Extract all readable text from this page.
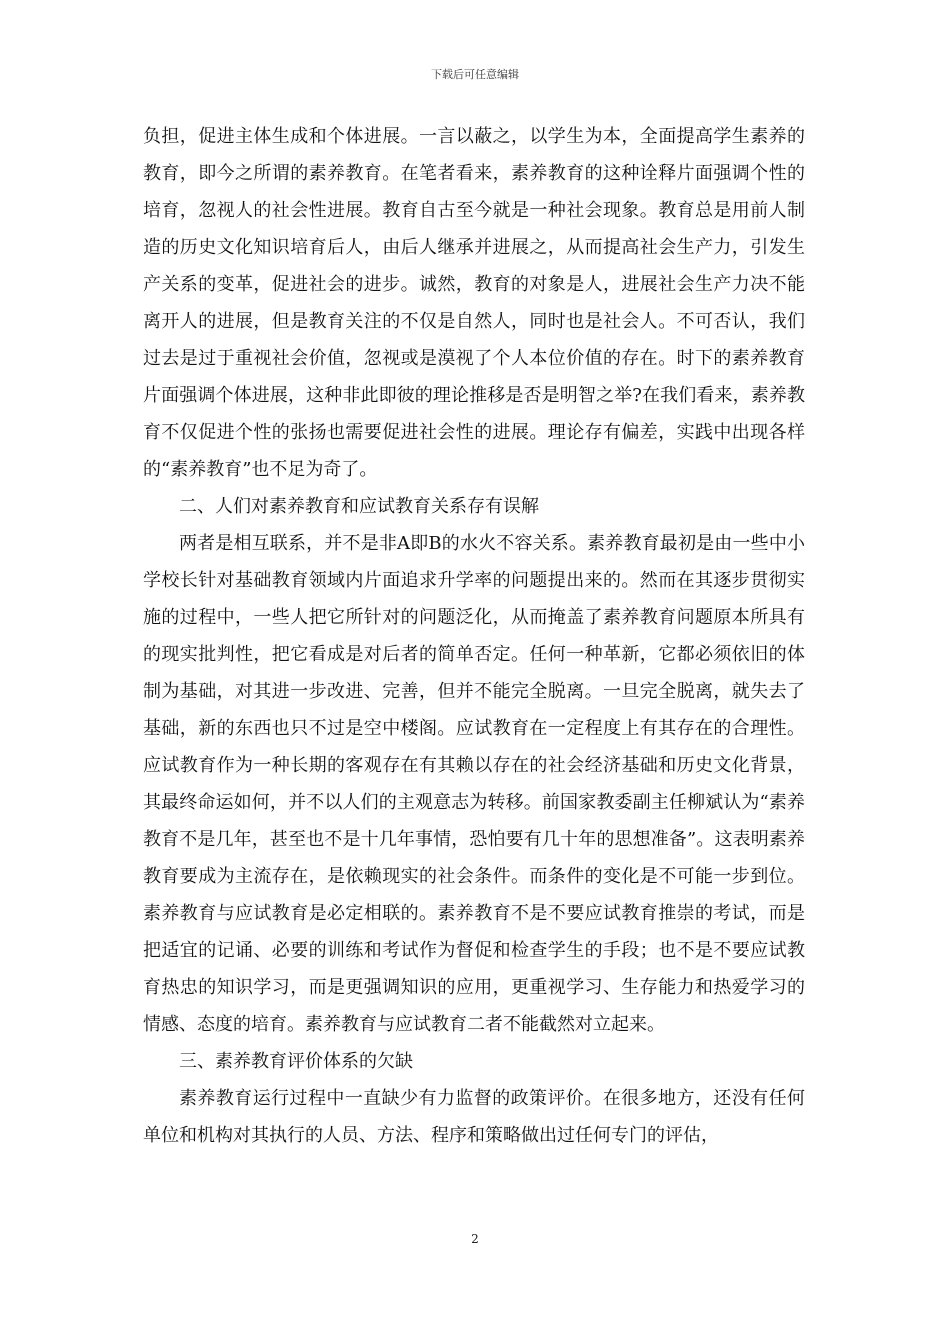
下载后可任意编辑

负担，促进主体生成和个体进展。一言以蔽之，以学生为本，全面提高学生素养的教育，即今之所谓的素养教育。在笔者看来，素养教育的这种诠释片面强调个性的培育，忽视人的社会性进展。教育自古至今就是一种社会现象。教育总是用前人制造的历史文化知识培育后人，由后人继承并进展之，从而提高社会生产力，引发生产关系的变革，促进社会的进步。诚然，教育的对象是人，进展社会生产力决不能离开人的进展，但是教育关注的不仅是自然人，同时也是社会人。不可否认，我们过去是过于重视社会价值，忽视或是漠视了个人本位价值的存在。时下的素养教育片面强调个体进展，这种非此即彼的理论推移是否是明智之举?在我们看来，素养教育不仅促进个性的张扬也需要促进社会性的进展。理论存有偏差，实践中出现各样的“素养教育”也不足为奇了。

二、人们对素养教育和应试教育关系存有误解

两者是相互联系，并不是非A即B的水火不容关系。素养教育最初是由一些中小学校长针对基础教育领域内片面追求升学率的问题提出来的。然而在其逐步贯彻实施的过程中，一些人把它所针对的问题泛化，从而掩盖了素养教育问题原本所具有的现实批判性，把它看成是对后者的简单否定。任何一种革新，它都必须依旧的体制为基础，对其进一步改进、完善，但并不能完全脱离。一旦完全脱离，就失去了基础，新的东西也只不过是空中楼阁。应试教育在一定程度上有其存在的合理性。应试教育作为一种长期的客观存在有其赖以存在的社会经济基础和历史文化背景，其最终命运如何，并不以人们的主观意志为转移。前国家教委副主任柳斌认为“素养教育不是几年，甚至也不是十几年事情，恐怕要有几十年的思想准备”。这表明素养教育要成为主流存在，是依赖现实的社会条件。而条件的变化是不可能一步到位。素养教育与应试教育是必定相联的。素养教育不是不要应试教育推崇的考试，而是把适宜的记诵、必要的训练和考试作为督促和检查学生的手段；也不是不要应试教育热忠的知识学习，而是更强调知识的应用，更重视学习、生存能力和热爱学习的情感、态度的培育。素养教育与应试教育二者不能截然对立起来。

三、素养教育评价体系的欠缺

素养教育运行过程中一直缺少有力监督的政策评价。在很多地方，还没有任何单位和机构对其执行的人员、方法、程序和策略做出过任何专门的评估，

2
